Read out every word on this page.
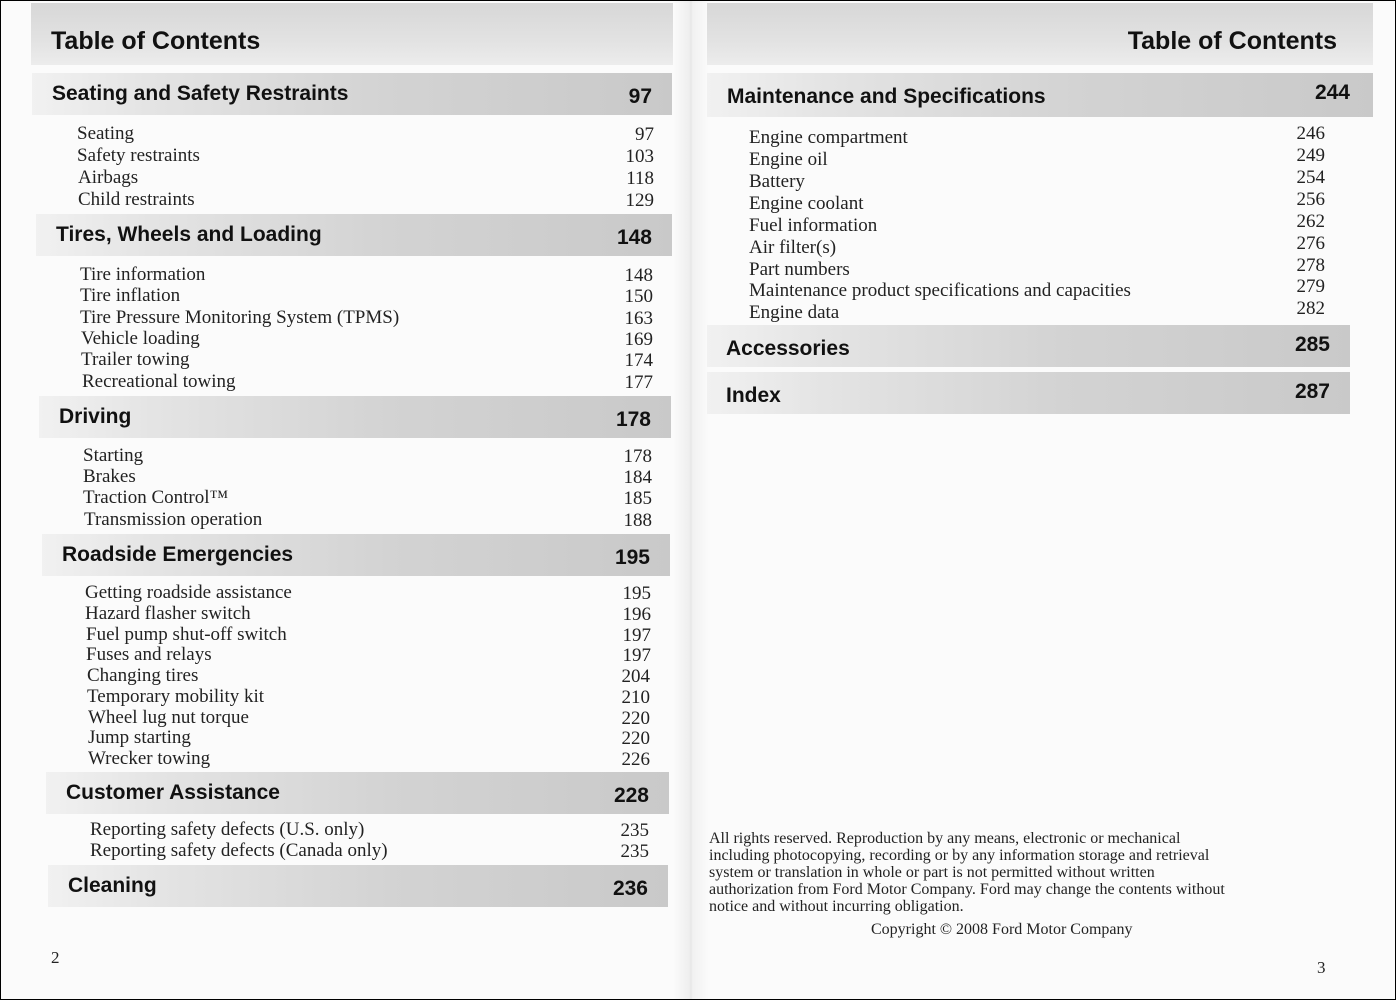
Table of Contents
Seating and Safety Restraints	97
Seating	97
Safety restraints	103
Airbags	118
Child restraints	129
Tires, Wheels and Loading	148
Tire information	148
Tire inflation	150
Tire Pressure Monitoring System (TPMS)	163
Vehicle loading	169
Trailer towing	174
Recreational towing	177
Driving	178
Starting	178
Brakes	184
Traction Control™	185
Transmission operation	188
Roadside Emergencies	195
Getting roadside assistance	195
Hazard flasher switch	196
Fuel pump shut-off switch	197
Fuses and relays	197
Changing tires	204
Temporary mobility kit	210
Wheel lug nut torque	220
Jump starting	220
Wrecker towing	226
Customer Assistance	228
Reporting safety defects (U.S. only)	235
Reporting safety defects (Canada only)	235
Cleaning	236
2
Table of Contents
Maintenance and Specifications	244
Engine compartment	246
Engine oil	249
Battery	254
Engine coolant	256
Fuel information	262
Air filter(s)	276
Part numbers	278
Maintenance product specifications and capacities	279
Engine data	282
Accessories	285
Index	287
All rights reserved. Reproduction by any means, electronic or mechanical
including photocopying, recording or by any information storage and retrieval
system or translation in whole or part is not permitted without written
authorization from Ford Motor Company. Ford may change the contents without
notice and without incurring obligation.
Copyright © 2008 Ford Motor Company
3
